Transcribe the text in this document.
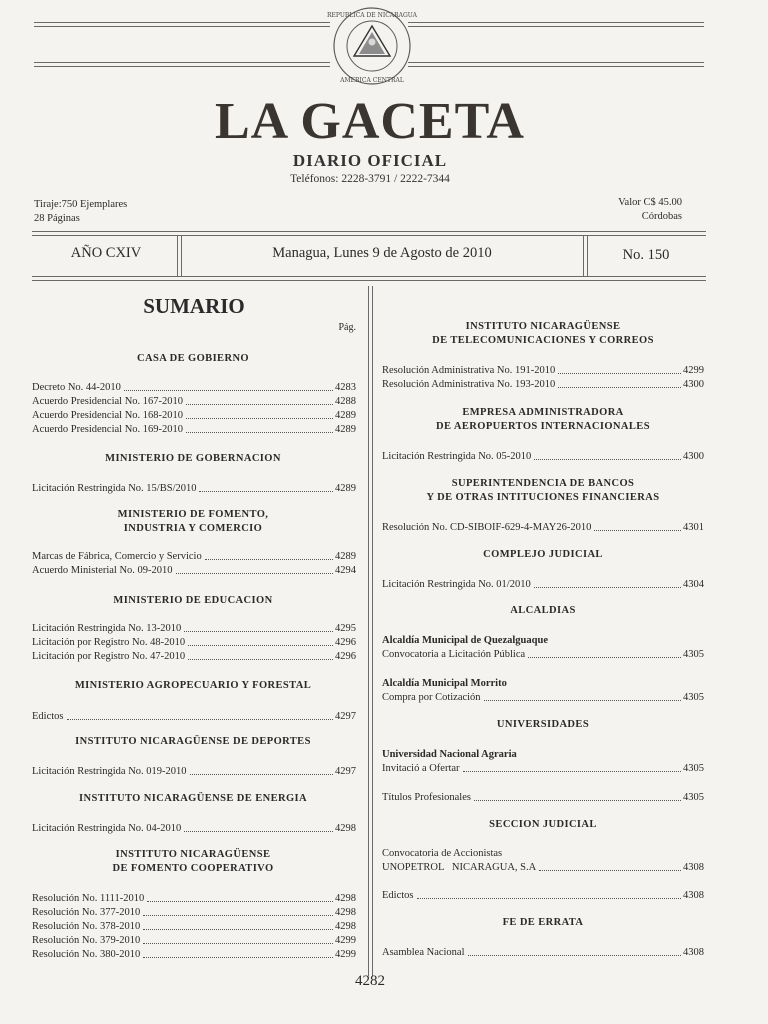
REPUBLICA DE NICARAGUA
AMERICA CENTRAL
LA GACETA
DIARIO OFICIAL
Teléfonos: 2228-3791 / 2222-7344
Tiraje:750 Ejemplares
28 Páginas
Valor C$ 45.00
Córdobas
AÑO CXIV	Managua, Lunes 9 de Agosto de 2010	No. 150
SUMARIO
Pág.
CASA DE GOBIERNO
Decreto No. 44-2010	4283
Acuerdo Presidencial No. 167-2010	4288
Acuerdo Presidencial No. 168-2010	4289
Acuerdo Presidencial No. 169-2010	4289
MINISTERIO DE GOBERNACION
Licitación Restringida No. 15/BS/2010	4289
MINISTERIO DE FOMENTO,
INDUSTRIA Y COMERCIO
Marcas de Fábrica, Comercio y Servicio	4289
Acuerdo Ministerial No. 09-2010	4294
MINISTERIO DE EDUCACION
Licitación Restringida No. 13-2010	4295
Licitación por Registro No. 48-2010	4296
Licitación por Registro No. 47-2010	4296
MINISTERIO AGROPECUARIO Y FORESTAL
Edictos	4297
INSTITUTO NICARAGÜENSE DE DEPORTES
Licitación Restringida No. 019-2010	4297
INSTITUTO NICARAGÜENSE DE ENERGIA
Licitación Restringida No. 04-2010	4298
INSTITUTO NICARAGÜENSE
DE FOMENTO COOPERATIVO
Resolución No. 1111-2010	4298
Resolución No. 377-2010	4298
Resolución No. 378-2010	4298
Resolución No. 379-2010	4299
Resolución No. 380-2010	4299
INSTITUTO NICARAGÜENSE
DE TELECOMUNICACIONES Y CORREOS
Resolución Administrativa No. 191-2010	4299
Resolución Administrativa No. 193-2010	4300
EMPRESA ADMINISTRADORA
DE AEROPUERTOS INTERNACIONALES
Licitación Restringida No. 05-2010	4300
SUPERINTENDENCIA DE BANCOS
Y DE OTRAS INTITUCIONES FINANCIERAS
Resolución No. CD-SIBOIF-629-4-MAY26-2010	4301
COMPLEJO JUDICIAL
Licitación Restringida No. 01/2010	4304
ALCALDIAS
Alcaldía Municipal de Quezalguaque
Convocatoria a Licitación Pública	4305
Alcaldía Municipal Morrito
Compra por Cotización	4305
UNIVERSIDADES
Universidad Nacional Agraria
Invitació a Ofertar	4305
Títulos Profesionales	4305
SECCION JUDICIAL
Convocatoria de Accionistas
UNOPETROL   NICARAGUA, S.A	4308
Edictos	4308
FE DE ERRATA
Asamblea Nacional	4308
4282
